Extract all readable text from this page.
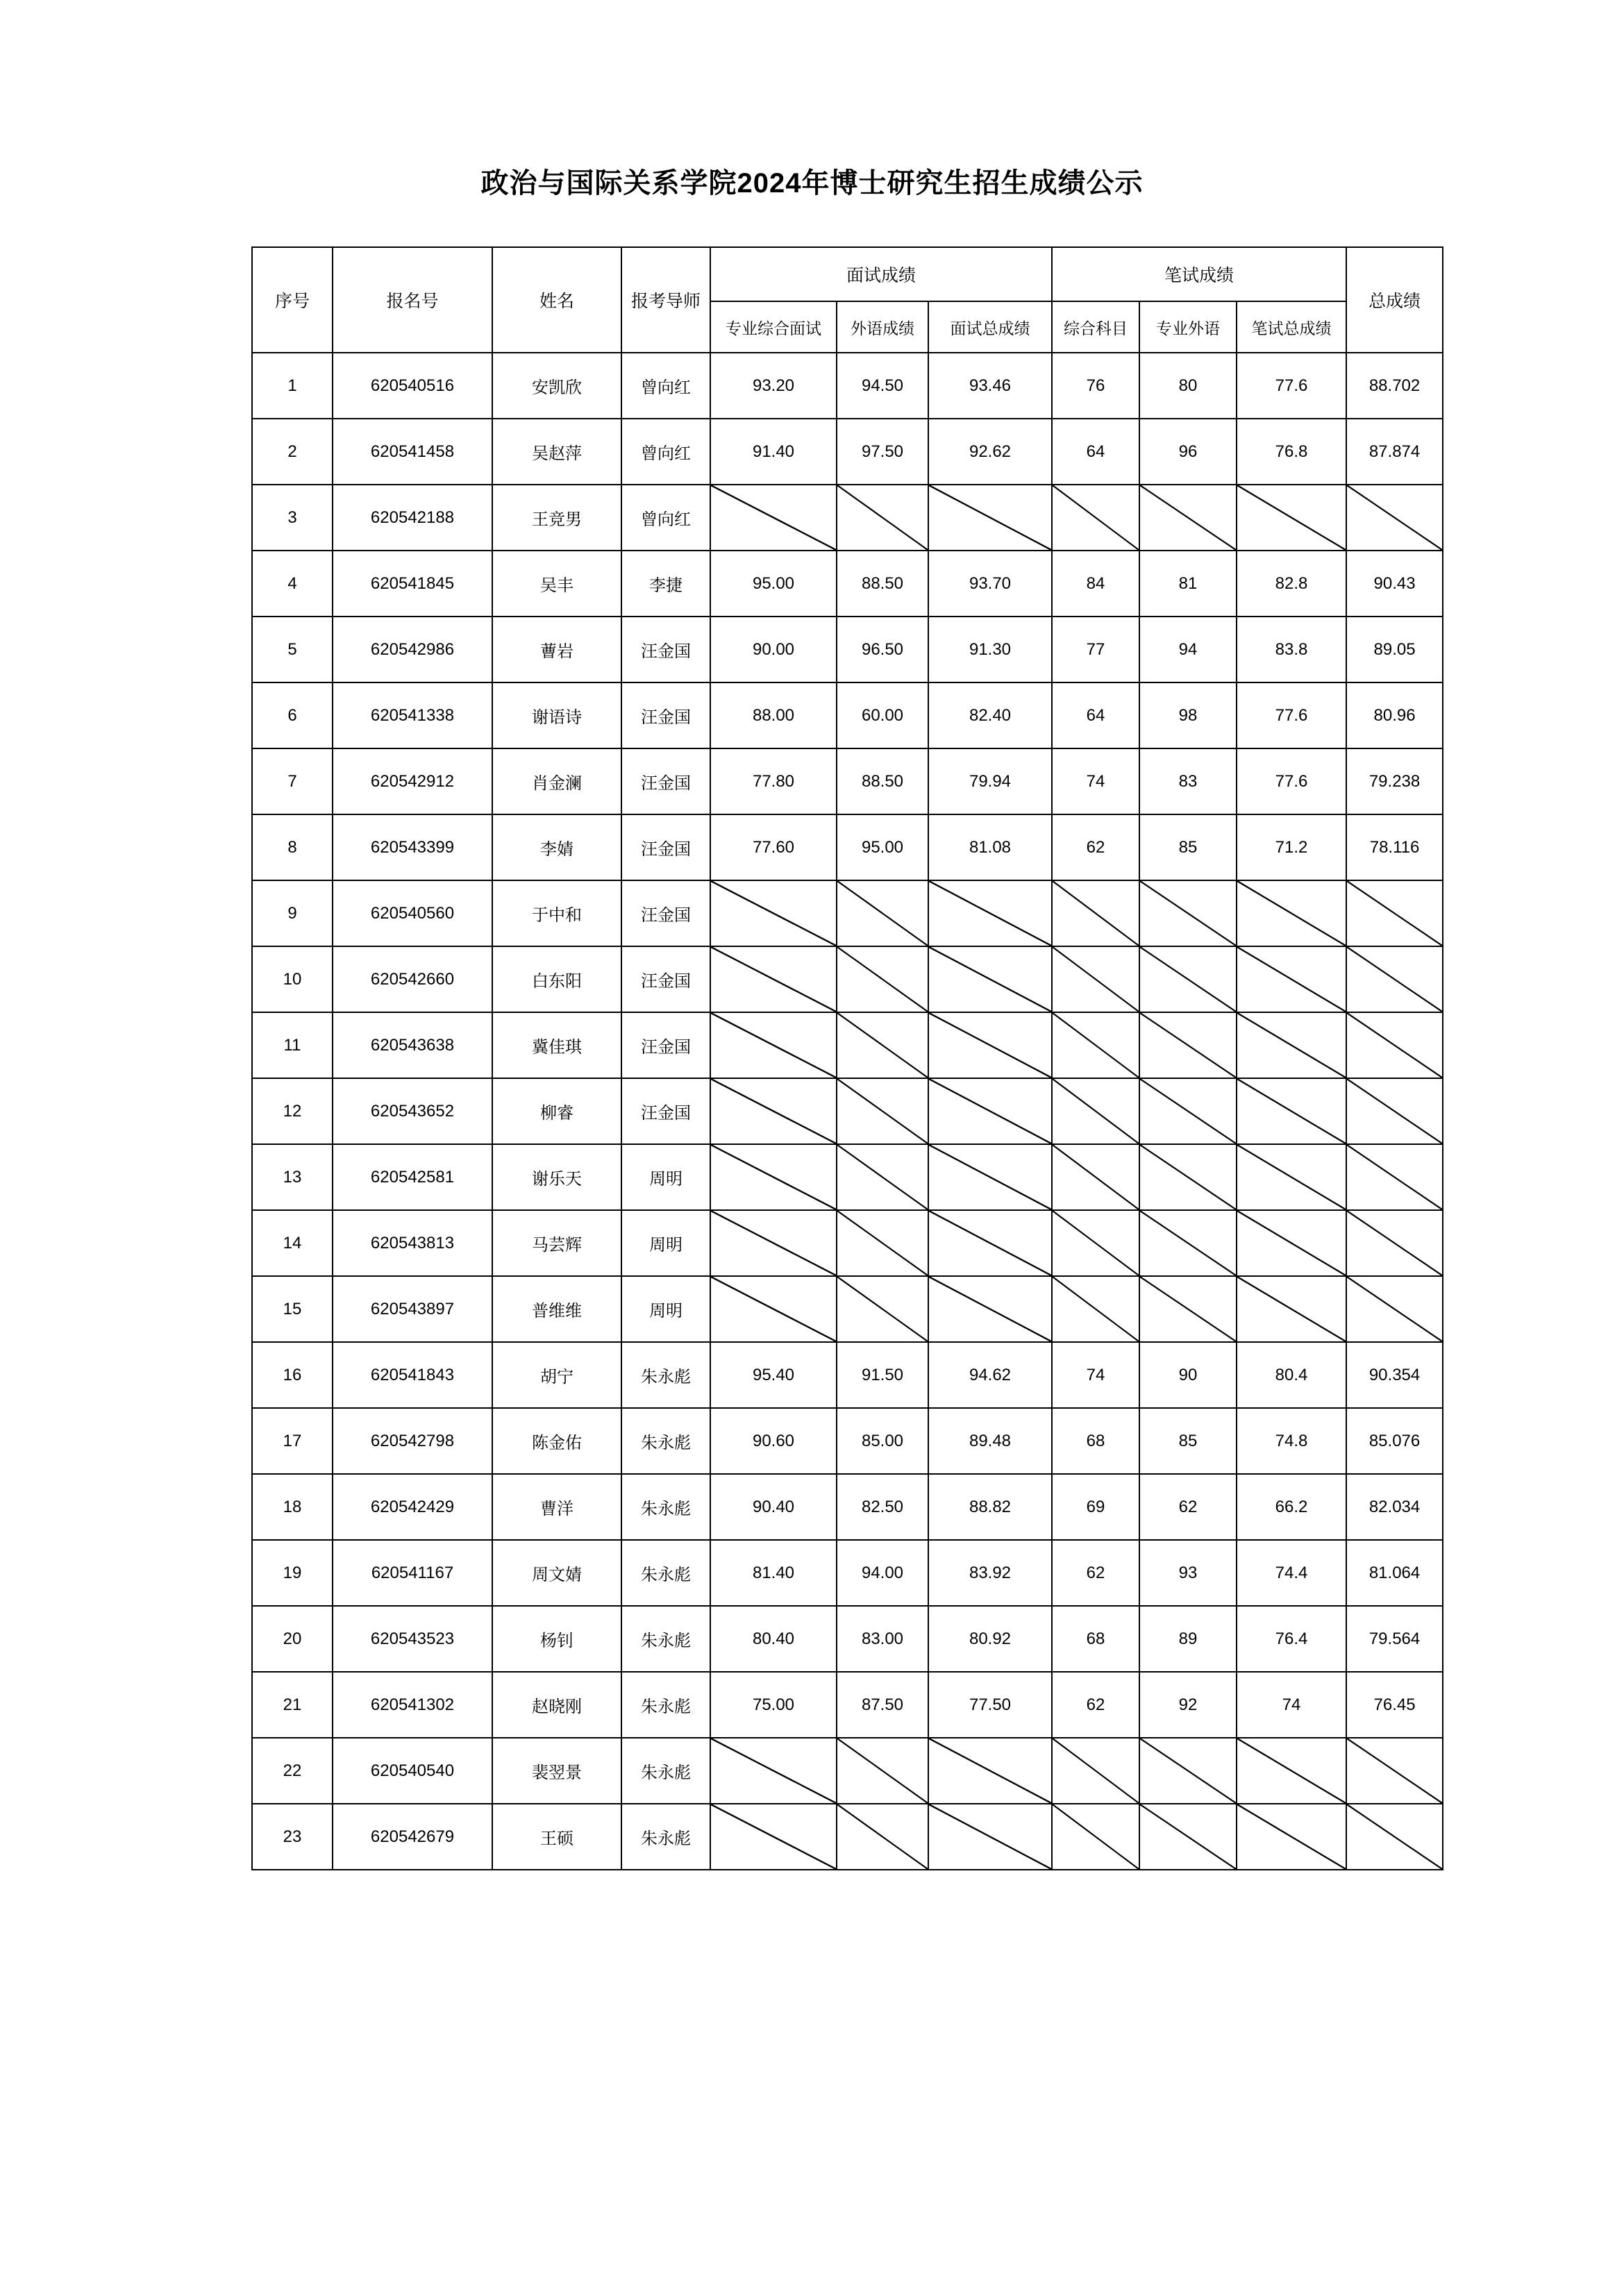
政治与国际关系学院2024年博士研究生招生成绩公示
序号	报名号	姓名	报考导师	面试成绩			笔试成绩			总成绩
				专业综合面试	外语成绩	面试总成绩	综合科目	专业外语	笔试总成绩	
1	620540516	安凯欣	曾向红	93.20	94.50	93.46	76	80	77.6	88.702
2	620541458	吴赵萍	曾向红	91.40	97.50	92.62	64	96	76.8	87.874
3	620542188	王竞男	曾向红	

4	620541845	吴丰	李捷	95.00	88.50	93.70	84	81	82.8	90.43
5	620542986	蓸岩	汪金国	90.00	96.50	91.30	77	94	83.8	89.05
6	620541338	谢语诗	汪金国	88.00	60.00	82.40	64	98	77.6	80.96
7	620542912	肖金澜	汪金国	77.80	88.50	79.94	74	83	77.6	79.238
8	620543399	李婧	汪金国	77.60	95.00	81.08	62	85	71.2	78.116
9	620540560	于中和	汪金国	

10	620542660	白东阳	汪金国	

11	620543638	冀佳琪	汪金国	

12	620543652	柳睿	汪金国	

13	620542581	谢乐天	周明	

14	620543813	马芸辉	周明	

15	620543897	普维维	周明	

16	620541843	胡宁	朱永彪	95.40	91.50	94.62	74	90	80.4	90.354
17	620542798	陈金佑	朱永彪	90.60	85.00	89.48	68	85	74.8	85.076
18	620542429	曹洋	朱永彪	90.40	82.50	88.82	69	62	66.2	82.034
19	620541167	周文婧	朱永彪	81.40	94.00	83.92	62	93	74.4	81.064
20	620543523	杨钊	朱永彪	80.40	83.00	80.92	68	89	76.4	79.564
21	620541302	赵晓刚	朱永彪	75.00	87.50	77.50	62	92	74	76.45
22	620540540	裴翌景	朱永彪	

23	620542679	王硕	朱永彪	
